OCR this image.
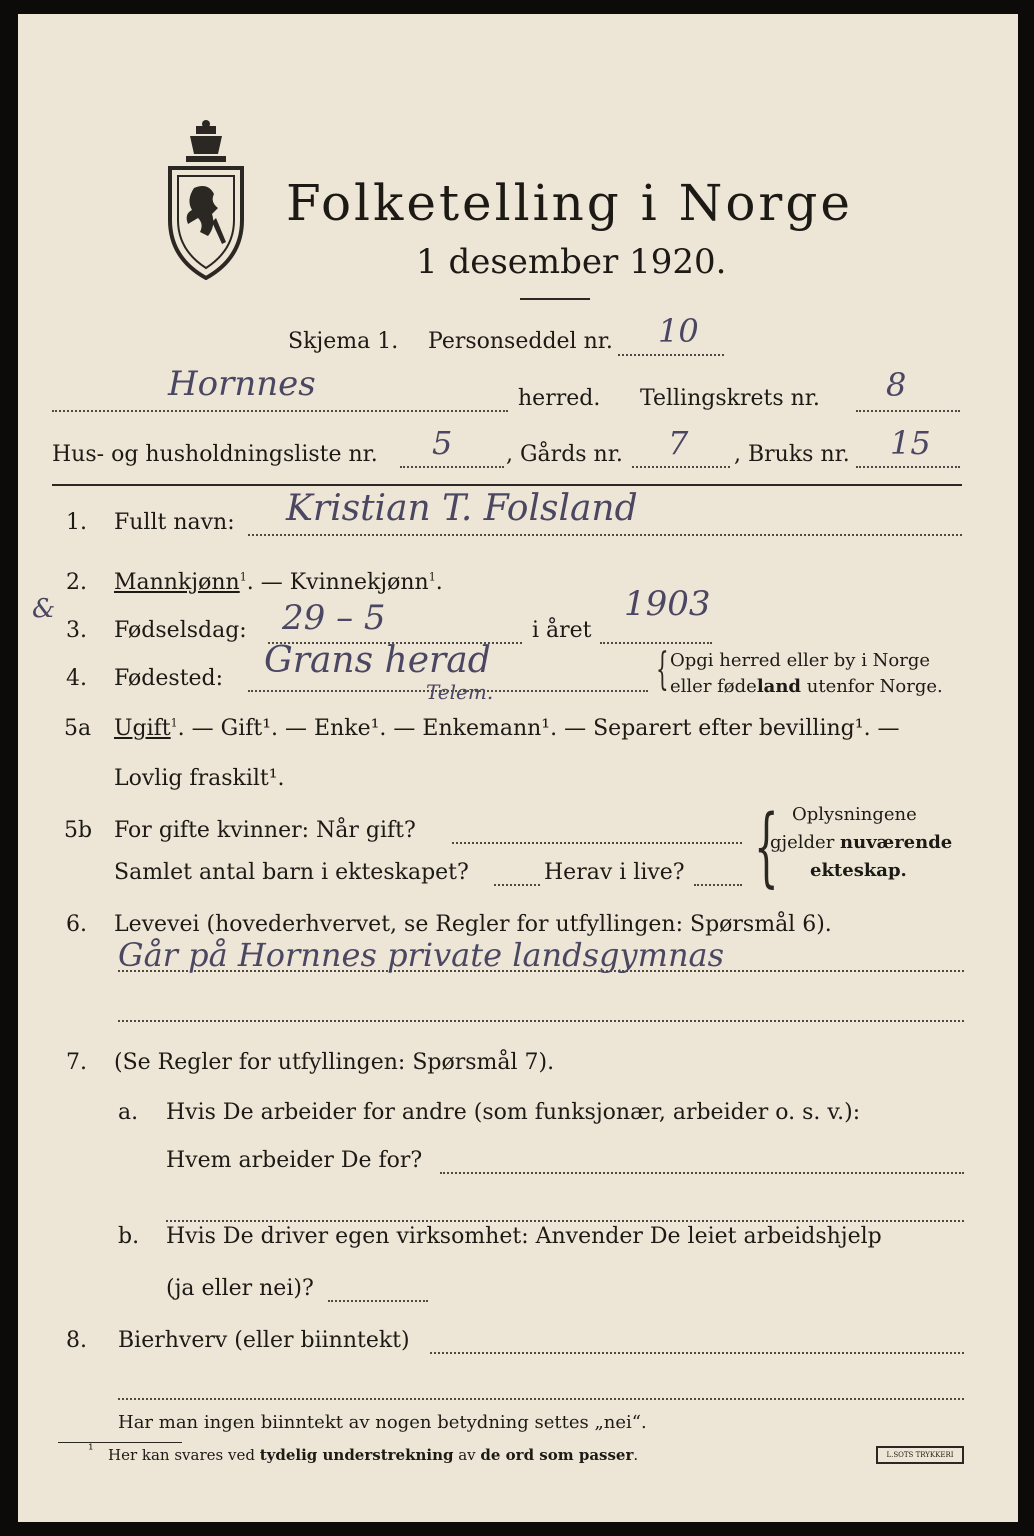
Folketelling i Norge
1 desember 1920.
Skjema 1. Personseddel nr. 10
Hornnes	herred. Tellingskrets nr. 8
Hus- og husholdningsliste nr. 5 , Gårds nr. 7 , Bruks nr. 15
1. Fullt navn: Kristian T. Folsland
2. Mannkjønn$^1$. — Kvinnekjønn$^1$.
&
3. Fødselsdag: 29 – 5	i året
1903
4. Fødested: Grans herad
Telem.	{ Opgi herred eller by i Norge
eller fødeland utenfor Norge.
5a Ugift$^1$. — Gift¹. — Enke¹. — Enkemann¹. — Separert efter bevilling¹. —
Lovlig fraskilt¹.
5b For gifte kvinner: Når gift?
Samlet antal barn i ekteskapet?	Herav i live? { Oplysningene
gjelder nuværende
ekteskap.
6. Levevei (hovederhvervet, se Regler for utfyllingen: Spørsmål 6).
Går på Hornnes private landsgymnas
7. (Se Regler for utfyllingen: Spørsmål 7).
a. Hvis De arbeider for andre (som funksjonær, arbeider o. s. v.):
Hvem arbeider De for?
b. Hvis De driver egen virksomhet: Anvender De leiet arbeidshjelp
(ja eller nei)?
8. Bierhverv (eller biinntekt)
Har man ingen biinntekt av nogen betydning settes „nei“.
¹ Her kan svares ved tydelig understrekning av de ord som passer.	L.SOTS TRYKKERI
